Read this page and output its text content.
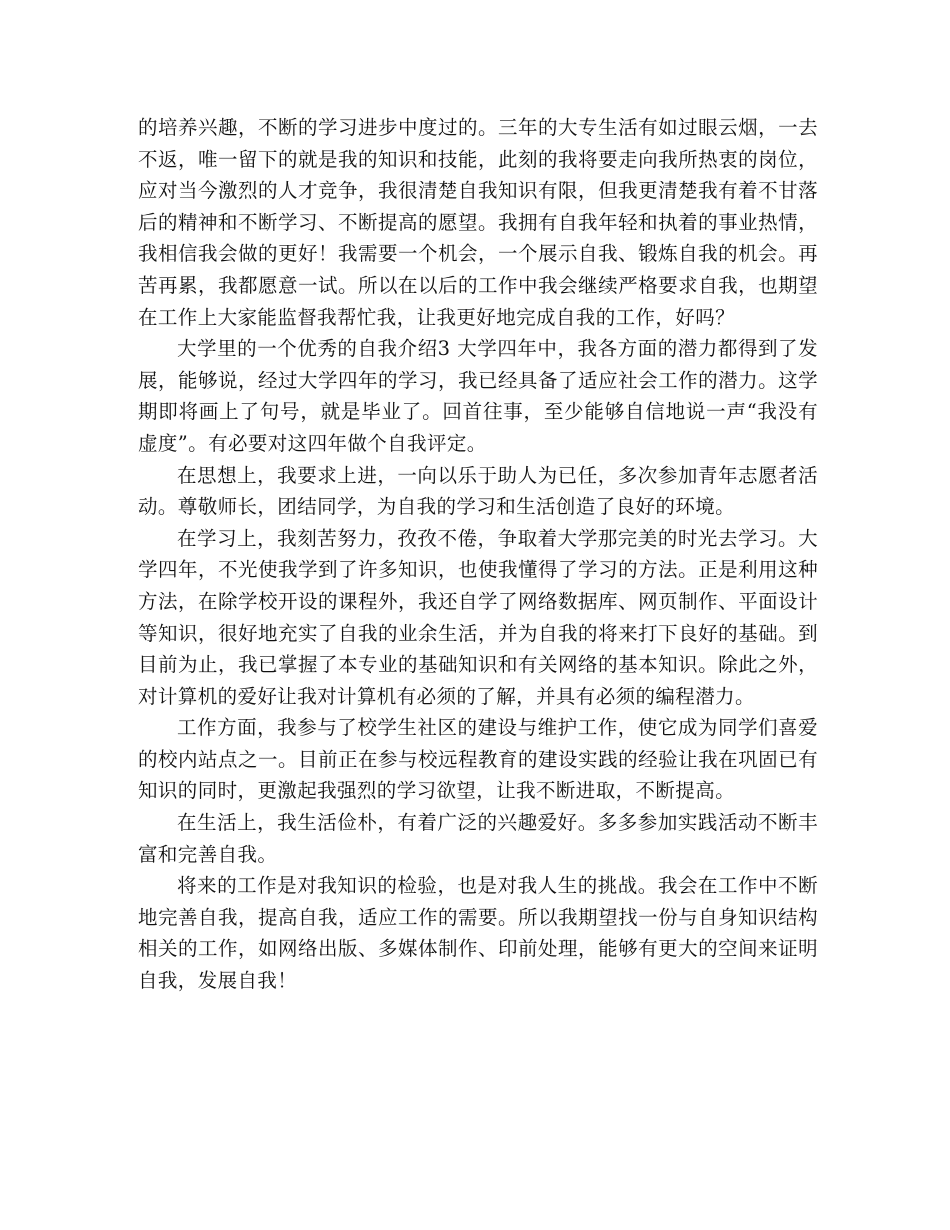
的培养兴趣，不断的学习进步中度过的。三年的大专生活有如过眼云烟，一去不返，唯一留下的就是我的知识和技能，此刻的我将要走向我所热衷的岗位，应对当今激烈的人才竞争，我很清楚自我知识有限，但我更清楚我有着不甘落后的精神和不断学习、不断提高的愿望。我拥有自我年轻和执着的事业热情，我相信我会做的更好！我需要一个机会，一个展示自我、锻炼自我的机会。再苦再累，我都愿意一试。所以在以后的工作中我会继续严格要求自我，也期望在工作上大家能监督我帮忙我，让我更好地完成自我的工作，好吗？

大学里的一个优秀的自我介绍3 大学四年中，我各方面的潜力都得到了发展，能够说，经过大学四年的学习，我已经具备了适应社会工作的潜力。这学期即将画上了句号，就是毕业了。回首往事，至少能够自信地说一声“我没有虚度”。有必要对这四年做个自我评定。

在思想上，我要求上进，一向以乐于助人为已任，多次参加青年志愿者活动。尊敬师长，团结同学，为自我的学习和生活创造了良好的环境。

在学习上，我刻苦努力，孜孜不倦，争取着大学那完美的时光去学习。大学四年，不光使我学到了许多知识，也使我懂得了学习的方法。正是利用这种方法，在除学校开设的课程外，我还自学了网络数据库、网页制作、平面设计等知识，很好地充实了自我的业余生活，并为自我的将来打下良好的基础。到目前为止，我已掌握了本专业的基础知识和有关网络的基本知识。除此之外，对计算机的爱好让我对计算机有必须的了解，并具有必须的编程潜力。

工作方面，我参与了校学生社区的建设与维护工作，使它成为同学们喜爱的校内站点之一。目前正在参与校远程教育的建设实践的经验让我在巩固已有知识的同时，更激起我强烈的学习欲望，让我不断进取，不断提高。

在生活上，我生活俭朴，有着广泛的兴趣爱好。多多参加实践活动不断丰富和完善自我。

将来的工作是对我知识的检验，也是对我人生的挑战。我会在工作中不断地完善自我，提高自我，适应工作的需要。所以我期望找一份与自身知识结构相关的工作，如网络出版、多媒体制作、印前处理，能够有更大的空间来证明自我，发展自我！
